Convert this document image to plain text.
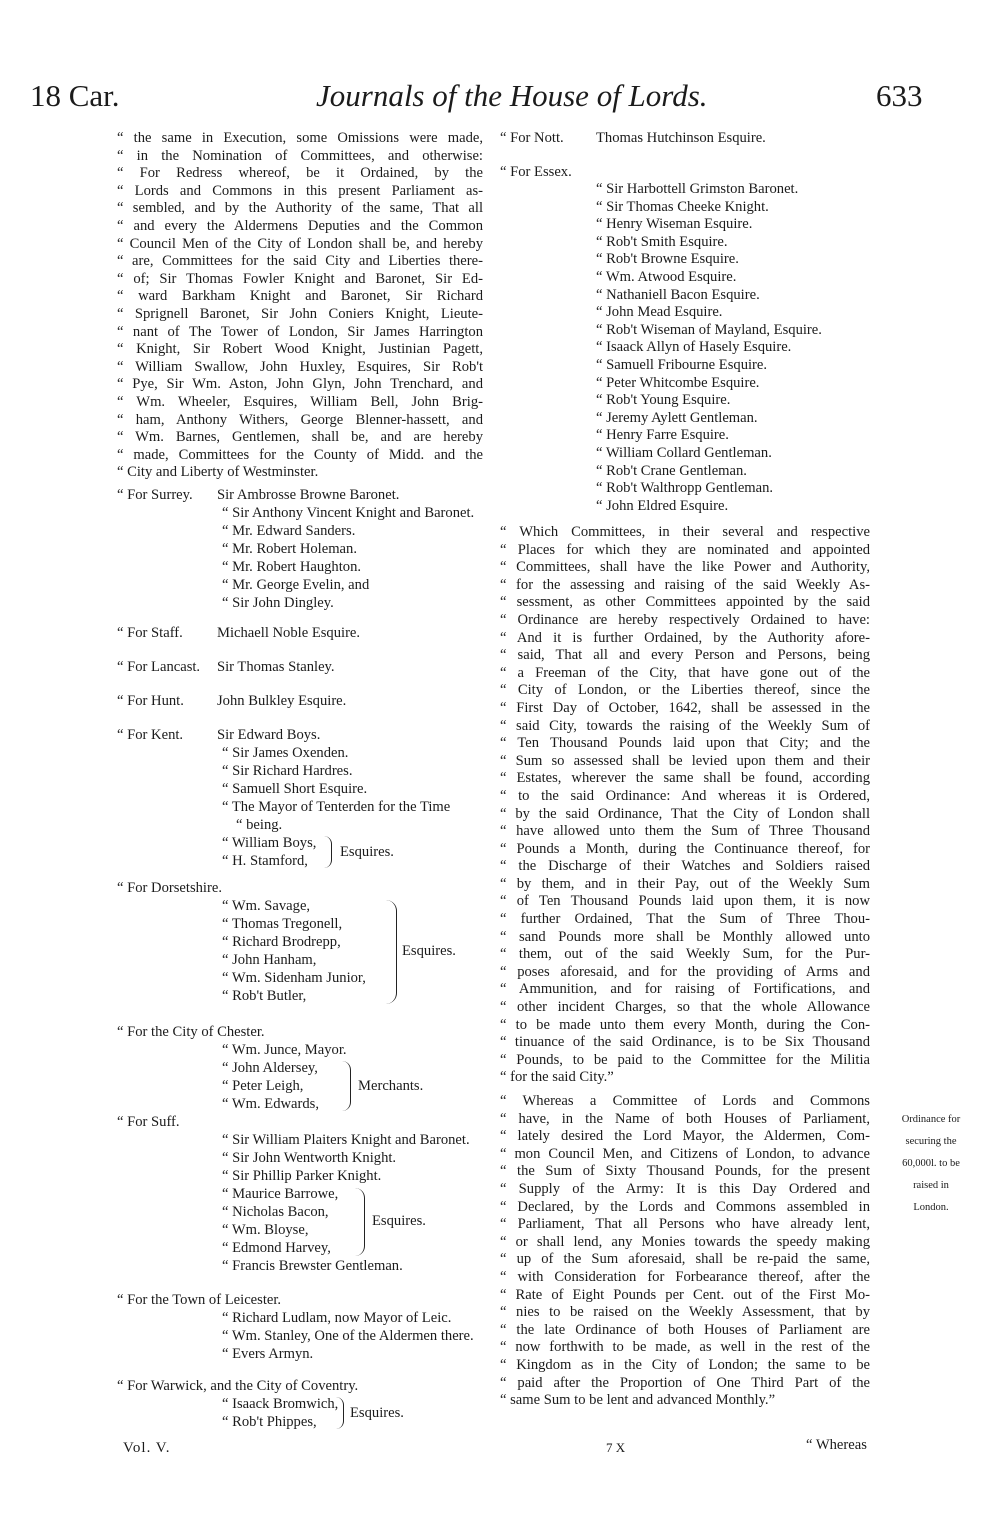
18 Car.	Journals of the House of Lords.	633

“ the same in Execution, some Omissions were made,

“ in the Nomination of Committees, and otherwise:

“ For Redress whereof, be it Ordained, by the

“ Lords and Commons in this present Parliament as-

“ sembled, and by the Authority of the same, That all

“ and every the Aldermens Deputies and the Common

“ Council Men of the City of London shall be, and hereby

“ are, Committees for the said City and Liberties there-

“ of; Sir Thomas Fowler Knight and Baronet, Sir Ed-

“ ward Barkham Knight and Baronet, Sir Richard

“ Sprignell Baronet, Sir John Coniers Knight, Lieute-

“ nant of The Tower of London, Sir James Harrington

“ Knight, Sir Robert Wood Knight, Justinian Pagett,

“ William Swallow, John Huxley, Esquires, Sir Rob't

“ Pye, Sir Wm. Aston, John Glyn, John Trenchard, and

“ Wm. Wheeler, Esquires, William Bell, John Brig-

“ ham, Anthony Withers, George Blenner-hassett, and

“ Wm. Barnes, Gentlemen, shall be, and are hereby

“ made, Committees for the County of Midd. and the

“ City and Liberty of Westminster.

“ For Surrey. Sir Ambrosse Browne Baronet.
“ Sir Anthony Vincent Knight and Baronet.
“ Mr. Edward Sanders.
“ Mr. Robert Holeman.
“ Mr. Robert Haughton.
“ Mr. George Evelin, and
“ Sir John Dingley.
“ For Staff. Michaell Noble Esquire.
“ For Lancast. Sir Thomas Stanley.
“ For Hunt. John Bulkley Esquire.
“ For Kent. Sir Edward Boys.
“ Sir James Oxenden.
“ Sir Richard Hardres.
“ Samuell Short Esquire.
“ The Mayor of Tenterden for the Time
“ being.
“ William Boys,
“ H. Stamford,
Esquires.
“ For Dorsetshire.
“ Wm. Savage,
“ Thomas Tregonell,
“ Richard Brodrepp,
“ John Hanham,
“ Wm. Sidenham Junior,
“ Rob't Butler,
Esquires.
“ For the City of Chester.
“ Wm. Junce, Mayor.
“ John Aldersey,
“ Peter Leigh,
“ Wm. Edwards,
Merchants.
“ For Suff.
“ Sir William Plaiters Knight and Baronet.
“ Sir John Wentworth Knight.
“ Sir Phillip Parker Knight.
“ Maurice Barrowe,
“ Nicholas Bacon,
“ Wm. Bloyse,
“ Edmond Harvey,
Esquires.
“ Francis Brewster Gentleman.
“ For the Town of Leicester.
“ Richard Ludlam, now Mayor of Leic.
“ Wm. Stanley, One of the Aldermen there.
“ Evers Armyn.
“ For Warwick, and the City of Coventry.
“ Isaack Bromwich,
“ Rob't Phippes,
Esquires.
Vol. V.
“ For Nott. Thomas Hutchinson Esquire.
“ For Essex.

“ Sir Harbottell Grimston Baronet.

“ Sir Thomas Cheeke Knight.

“ Henry Wiseman Esquire.

“ Rob't Smith Esquire.

“ Rob't Browne Esquire.

“ Wm. Atwood Esquire.

“ Nathaniell Bacon Esquire.

“ John Mead Esquire.

“ Rob't Wiseman of Mayland, Esquire.

“ Isaack Allyn of Hasely Esquire.

“ Samuell Fribourne Esquire.

“ Peter Whitcombe Esquire.

“ Rob't Young Esquire.

“ Jeremy Aylett Gentleman.

“ Henry Farre Esquire.

“ William Collard Gentleman.

“ Rob't Crane Gentleman.

“ Rob't Walthropp Gentleman.

“ John Eldred Esquire.

“ Which Committees, in their several and respective

“ Places for which they are nominated and appointed

“ Committees, shall have the like Power and Authority,

“ for the assessing and raising of the said Weekly As-

“ sessment, as other Committees appointed by the said

“ Ordinance are hereby respectively Ordained to have:

“ And it is further Ordained, by the Authority afore-

“ said, That all and every Person and Persons, being

“ a Freeman of the City, that have gone out of the

“ City of London, or the Liberties thereof, since the

“ First Day of October, 1642, shall be assessed in the

“ said City, towards the raising of the Weekly Sum of

“ Ten Thousand Pounds laid upon that City; and the

“ Sum so assessed shall be levied upon them and their

“ Estates, wherever the same shall be found, according

“ to the said Ordinance: And whereas it is Ordered,

“ by the said Ordinance, That the City of London shall

“ have allowed unto them the Sum of Three Thousand

“ Pounds a Month, during the Continuance thereof, for

“ the Discharge of their Watches and Soldiers raised

“ by them, and in their Pay, out of the Weekly Sum

“ of Ten Thousand Pounds laid upon them, it is now

“ further Ordained, That the Sum of Three Thou-

“ sand Pounds more shall be Monthly allowed unto

“ them, out of the said Weekly Sum, for the Pur-

“ poses aforesaid, and for the providing of Arms and

“ Ammunition, and for raising of Fortifications, and

“ other incident Charges, so that the whole Allowance

“ to be made unto them every Month, during the Con-

“ tinuance of the said Ordinance, is to be Six Thousand

“ Pounds, to be paid to the Committee for the Militia

“ for the said City.”

“ Whereas a Committee of Lords and Commons

“ have, in the Name of both Houses of Parliament,

“ lately desired the Lord Mayor, the Aldermen, Com-

“ mon Council Men, and Citizens of London, to advance

“ the Sum of Sixty Thousand Pounds, for the present

“ Supply of the Army: It is this Day Ordered and

“ Declared, by the Lords and Commons assembled in

“ Parliament, That all Persons who have already lent,

“ or shall lend, any Monies towards the speedy making

“ up of the Sum aforesaid, shall be re-paid the same,

“ with Consideration for Forbearance thereof, after the

“ Rate of Eight Pounds per Cent. out of the First Mo-

“ nies to be raised on the Weekly Assessment, that by

“ the late Ordinance of both Houses of Parliament are

“ now forthwith to be made, as well in the rest of the

“ Kingdom as in the City of London; the same to be

“ paid after the Proportion of One Third Part of the

“ same Sum to be lent and advanced Monthly.”

Ordinance for

securing the

60,000l. to be

raised in

London.

7 X	“ Whereas
